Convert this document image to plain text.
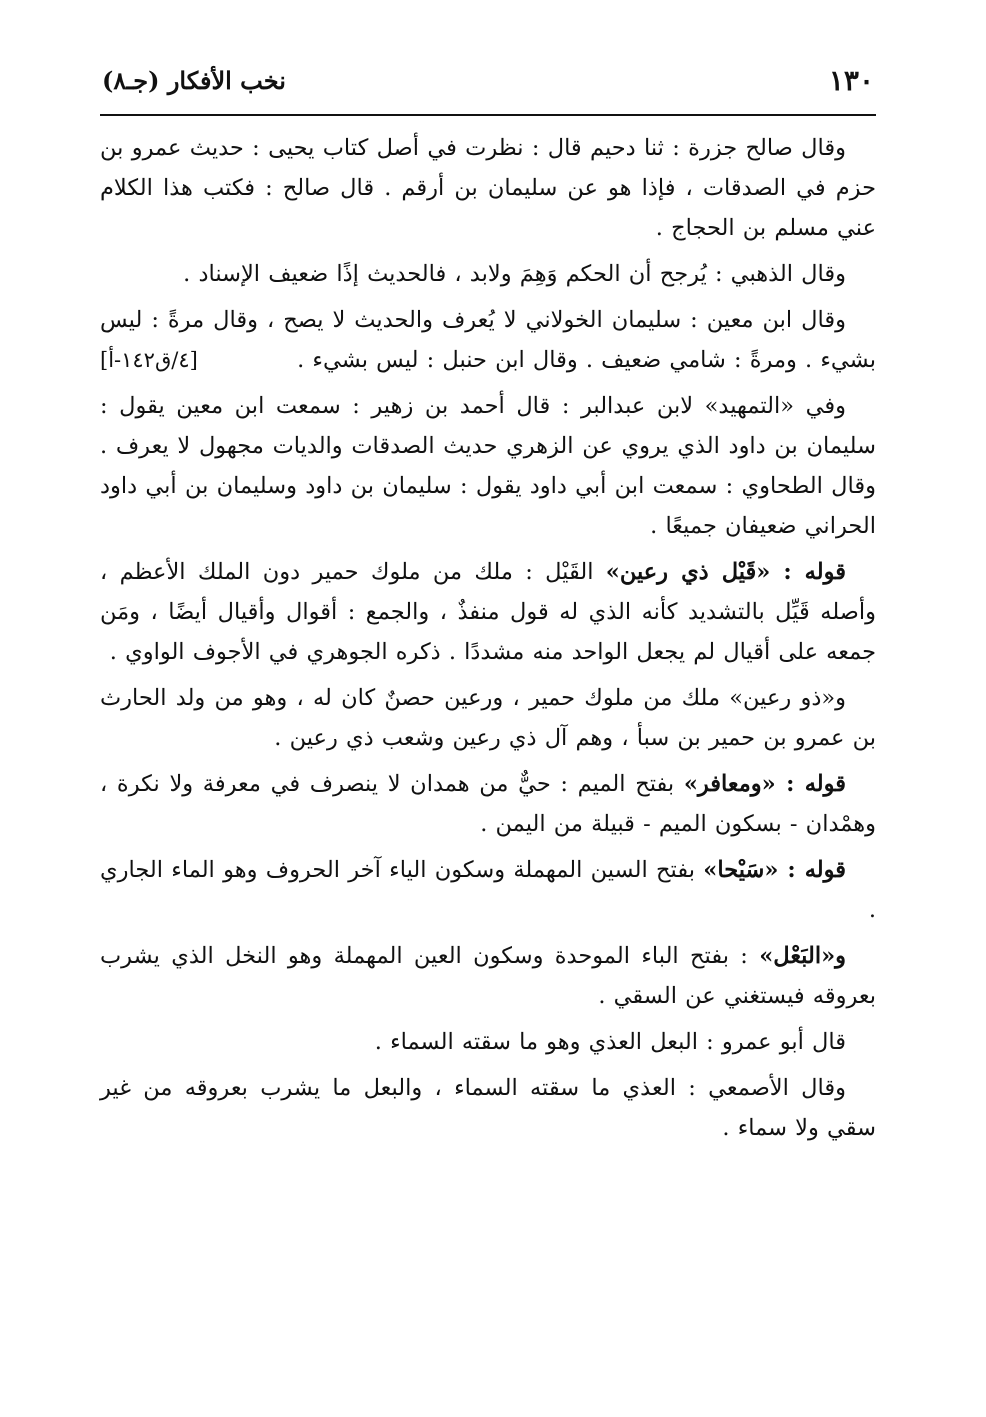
١٣٠
نخب الأفكار (جـ٨)

وقال صالح جزرة : ثنا دحيم قال : نظرت في أصل كتاب يحيى : حديث عمرو بن حزم في الصدقات ، فإذا هو عن سليمان بن أرقم . قال صالح : فكتب هذا الكلام عني مسلم بن الحجاج .

وقال الذهبي : يُرجح أن الحكم وَهِمَ ولابد ، فالحديث إذًا ضعيف الإسناد .

وقال ابن معين : سليمان الخولاني لا يُعرف والحديث لا يصح ، وقال مرةً : ليس بشيء . ومرةً : شامي ضعيف . وقال ابن حنبل : ليس بشيء .
[٤/ق١٤٢-أ]

وفي «التمهيد» لابن عبدالبر : قال أحمد بن زهير : سمعت ابن معين يقول : سليمان بن داود الذي يروي عن الزهري حديث الصدقات والديات مجهول لا يعرف . وقال الطحاوي : سمعت ابن أبي داود يقول : سليمان بن داود وسليمان بن أبي داود الحراني ضعيفان جميعًا .

قوله : «قَيْل ذي رعين» القَيْل : ملك من ملوك حمير دون الملك الأعظم ، وأصله قَيِّل بالتشديد كأنه الذي له قول منفذٌ ، والجمع : أقوال وأقيال أيضًا ، ومَن جمعه على أقيال لم يجعل الواحد منه مشددًا . ذكره الجوهري في الأجوف الواوي .

و«ذو رعين» ملك من ملوك حمير ، ورعين حصنٌ كان له ، وهو من ولد الحارث بن عمرو بن حمير بن سبأ ، وهم آل ذي رعين وشعب ذي رعين .

قوله : «ومعافر» بفتح الميم : حيٌّ من همدان لا ينصرف في معرفة ولا نكرة ، وهمْدان - بسكون الميم - قبيلة من اليمن .

قوله : «سَيْحا» بفتح السين المهملة وسكون الياء آخر الحروف وهو الماء الجاري .

و«البَعْل» : بفتح الباء الموحدة وسكون العين المهملة وهو النخل الذي يشرب بعروقه فيستغني عن السقي .

قال أبو عمرو : البعل العذي وهو ما سقته السماء .

وقال الأصمعي : العذي ما سقته السماء ، والبعل ما يشرب بعروقه من غير سقي ولا سماء .
